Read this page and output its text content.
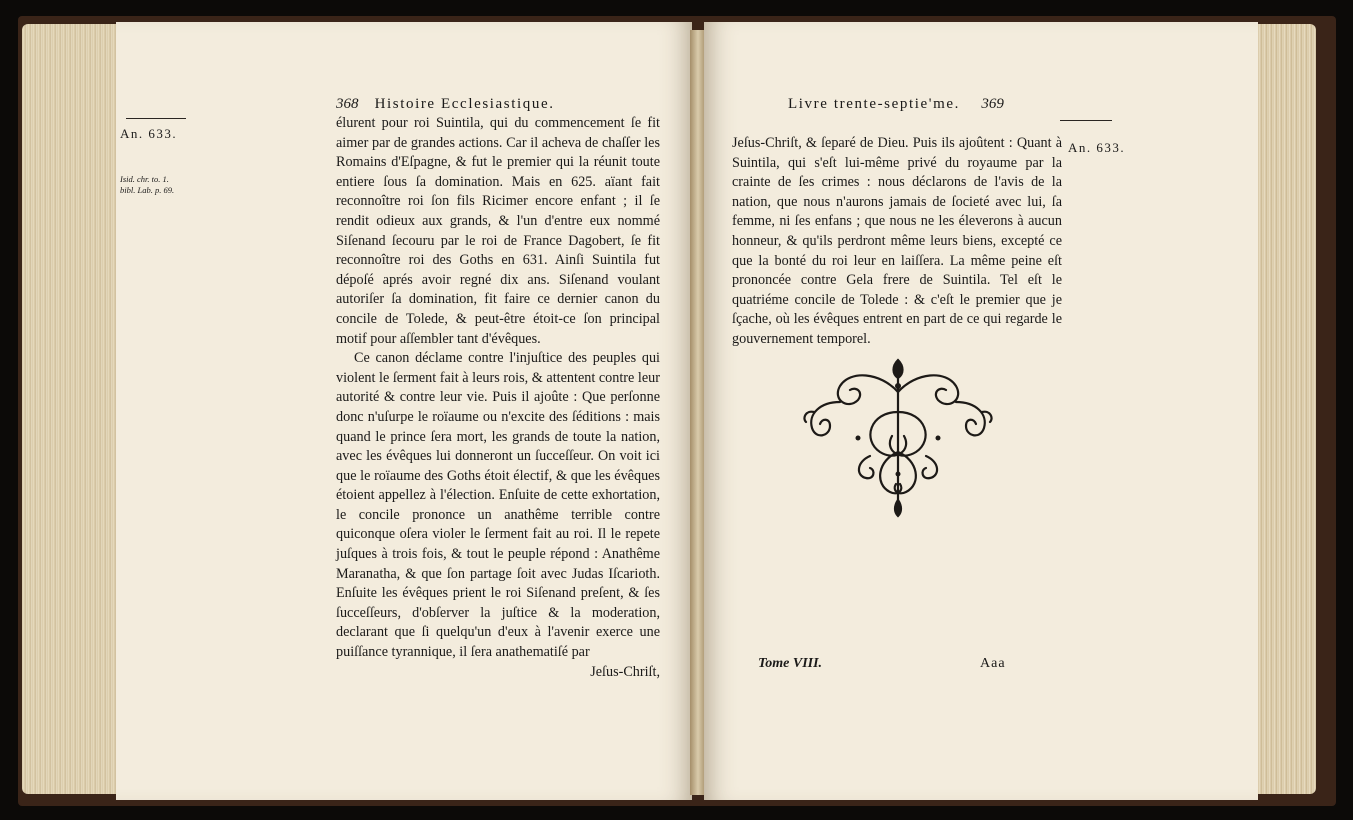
368 Histoire Ecclesiastique.
An. 633.
Isid. chr. to. 1.
bibl. Lab. p. 69.

élurent pour roi Suintila, qui du commencement ſe fit aimer par de grandes actions. Car il acheva de chaſſer les Romains d'Eſpagne, & fut le premier qui la réunit toute entiere ſous ſa domination. Mais en 625. aïant fait reconnoître roi ſon fils Ricimer encore enfant ; il ſe rendit odieux aux grands, & l'un d'entre eux nommé Siſenand ſecouru par le roi de France Dagobert, ſe fit reconnoître roi des Goths en 631. Ainſi Suintila fut dépoſé aprés avoir regné dix ans. Siſenand voulant autoriſer ſa domination, fit faire ce dernier canon du concile de Tolede, & peut-être étoit-ce ſon principal motif pour aſſembler tant d'évêques.

Ce canon déclame contre l'injuſtice des peuples qui violent le ſerment fait à leurs rois, & attentent contre leur autorité & contre leur vie. Puis il ajoûte : Que perſonne donc n'uſurpe le roïaume ou n'excite des ſéditions : mais quand le prince ſera mort, les grands de toute la nation, avec les évêques lui donneront un ſucceſſeur. On voit ici que le roïaume des Goths étoit électif, & que les évêques étoient appellez à l'élection. Enſuite de cette exhortation, le concile prononce un anathême terrible contre quiconque oſera violer le ſerment fait au roi. Il le repete juſques à trois fois, & tout le peuple répond : Anathême Maranatha, & que ſon partage ſoit avec Judas Iſcarioth. Enſuite les évêques prient le roi Siſenand preſent, & ſes ſucceſſeurs, d'obſerver la juſtice & la moderation, declarant que ſi quelqu'un d'eux à l'avenir exerce une puiſſance tyrannique, il ſera anathematiſé par

Jeſus-Chriſt,

Livre trente-septie'me. 369
An. 633.

Jeſus-Chriſt, & ſeparé de Dieu. Puis ils ajoûtent : Quant à Suintila, qui s'eſt lui-même privé du royaume par la crainte de ſes crimes : nous déclarons de l'avis de la nation, que nous n'aurons jamais de ſocieté avec lui, ſa femme, ni ſes enfans ; que nous ne les éleverons à aucun honneur, & qu'ils perdront même leurs biens, excepté ce que la bonté du roi leur en laiſſera. La même peine eſt prononcée contre Gela frere de Suintila. Tel eſt le quatriéme concile de Tolede : & c'eſt le premier que je ſçache, où les évêques entrent en part de ce qui regarde le gouvernement temporel.

Tome VIII.	Aaa
